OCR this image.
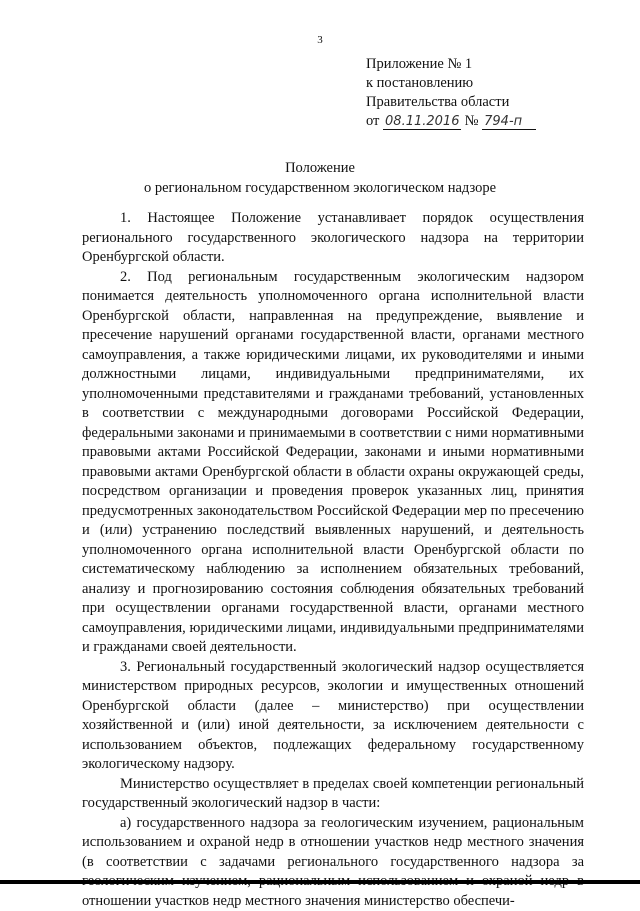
3
Приложение № 1
к постановлению
Правительства области
от 08.11.2016 № 794-п
Положение
о региональном государственном экологическом надзоре

1. Настоящее Положение устанавливает порядок осуществления регионального государственного экологического надзора на территории Оренбургской области.

2. Под региональным государственным экологическим надзором понимается деятельность уполномоченного органа исполнительной власти Оренбургской области, направленная на предупреждение, выявление и пресечение нарушений органами государственной власти, органами местного самоуправления, а также юридическими лицами, их руководителями и иными должностными лицами, индивидуальными предпринимателями, их уполномоченными представителями и гражданами требований, установленных в соответствии с международными договорами Российской Федерации, федеральными законами и принимаемыми в соответствии с ними нормативными правовыми актами Российской Федерации, законами и иными нормативными правовыми актами Оренбургской области в области охраны окружающей среды, посредством организации и проведения проверок указанных лиц, принятия предусмотренных законодательством Российской Федерации мер по пресечению и (или) устранению последствий выявленных нарушений, и деятельность уполномоченного органа исполнительной власти Оренбургской области по систематическому наблюдению за исполнением обязательных требований, анализу и прогнозированию состояния соблюдения обязательных требований при осуществлении органами государственной власти, органами местного самоуправления, юридическими лицами, индивидуальными предпринимателями и гражданами своей деятельности.

3. Региональный государственный экологический надзор осуществляется министерством природных ресурсов, экологии и имущественных отношений Оренбургской области (далее – министерство) при осуществлении хозяйственной и (или) иной деятельности, за исключением деятельности с использованием объектов, подлежащих федеральному государственному экологическому надзору.

Министерство осуществляет в пределах своей компетенции региональный государственный экологический надзор в части:

а) государственного надзора за геологическим изучением, рациональным использованием и охраной недр в отношении участков недр местного значения (в соответствии с задачами регионального государственного надзора за отношении участков недр местного значения министерство обеспечи-
